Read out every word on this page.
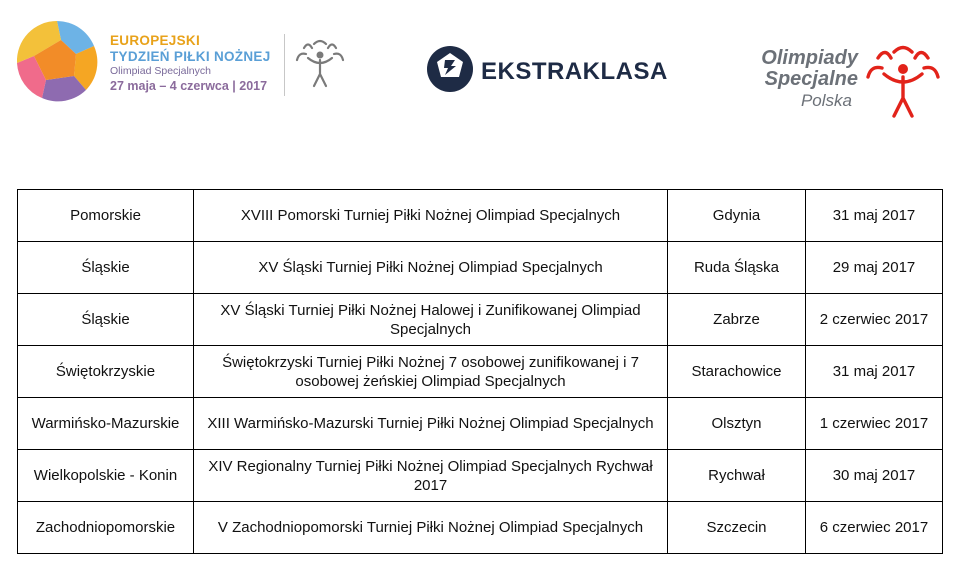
EUROPEJSKI
TYDZIEŃ PIŁKI NOŻNEJ
Olimpiad Specjalnych
27 maja – 4 czerwca | 2017
EKSTRAKLASA	Olimpiady
Specjalne
Polska
Pomorskie	XVIII Pomorski Turniej Piłki Nożnej Olimpiad Specjalnych	Gdynia	31 maj 2017
Śląskie	XV Śląski Turniej Piłki Nożnej Olimpiad Specjalnych	Ruda Śląska	29 maj 2017
Śląskie	XV Śląski Turniej Piłki Nożnej Halowej i Zunifikowanej Olimpiad Specjalnych	Zabrze	2 czerwiec 2017
Świętokrzyskie	Świętokrzyski Turniej Piłki Nożnej 7 osobowej zunifikowanej i 7 osobowej żeńskiej Olimpiad Specjalnych	Starachowice	31 maj 2017
Warmińsko-Mazurskie	XIII Warmińsko-Mazurski Turniej Piłki Nożnej Olimpiad Specjalnych	Olsztyn	1 czerwiec 2017
Wielkopolskie - Konin	XIV Regionalny Turniej Piłki Nożnej Olimpiad Specjalnych Rychwał 2017	Rychwał	30 maj 2017
Zachodniopomorskie	V Zachodniopomorski Turniej Piłki Nożnej Olimpiad Specjalnych	Szczecin	6 czerwiec 2017
